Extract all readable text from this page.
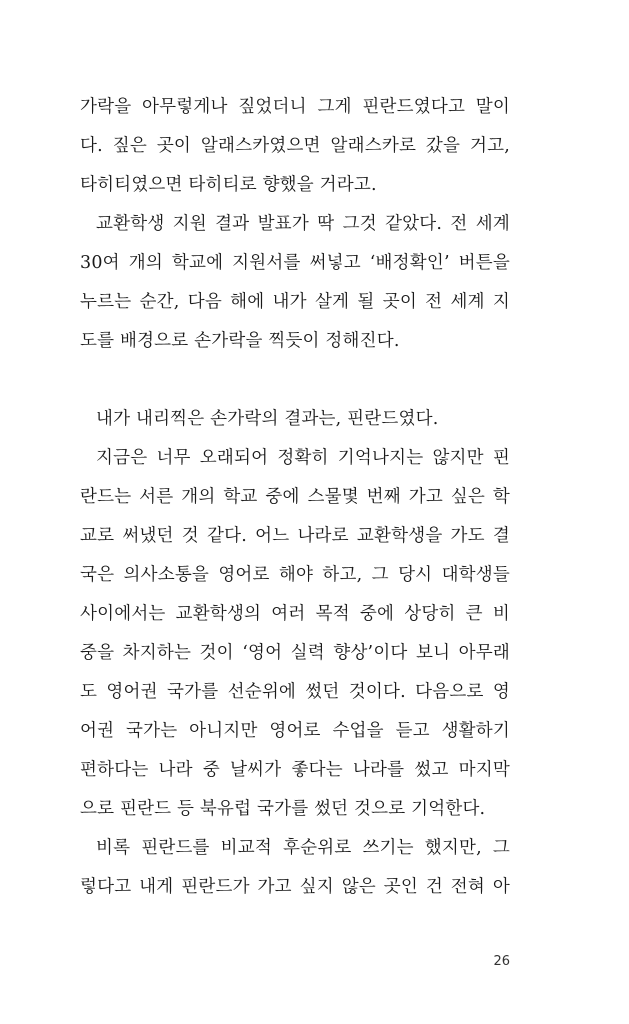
가락을 아무렇게나 짚었더니 그게 핀란드였다고 말이
다. 짚은 곳이 알래스카였으면 알래스카로 갔을 거고,
타히티였으면 타히티로 향했을 거라고.
교환학생 지원 결과 발표가 딱 그것 같았다. 전 세계
30여 개의 학교에 지원서를 써넣고 ‘배정확인’ 버튼을
누르는 순간, 다음 해에 내가 살게 될 곳이 전 세계 지
도를 배경으로 손가락을 찍듯이 정해진다.
내가 내리찍은 손가락의 결과는, 핀란드였다.
지금은 너무 오래되어 정확히 기억나지는 않지만 핀
란드는 서른 개의 학교 중에 스물몇 번째 가고 싶은 학
교로 써냈던 것 같다. 어느 나라로 교환학생을 가도 결
국은 의사소통을 영어로 해야 하고, 그 당시 대학생들
사이에서는 교환학생의 여러 목적 중에 상당히 큰 비
중을 차지하는 것이 ‘영어 실력 향상’이다 보니 아무래
도 영어권 국가를 선순위에 썼던 것이다. 다음으로 영
어권 국가는 아니지만 영어로 수업을 듣고 생활하기
편하다는 나라 중 날씨가 좋다는 나라를 썼고 마지막
으로 핀란드 등 북유럽 국가를 썼던 것으로 기억한다.
비록 핀란드를 비교적 후순위로 쓰기는 했지만, 그
렇다고 내게 핀란드가 가고 싶지 않은 곳인 건 전혀 아
26
